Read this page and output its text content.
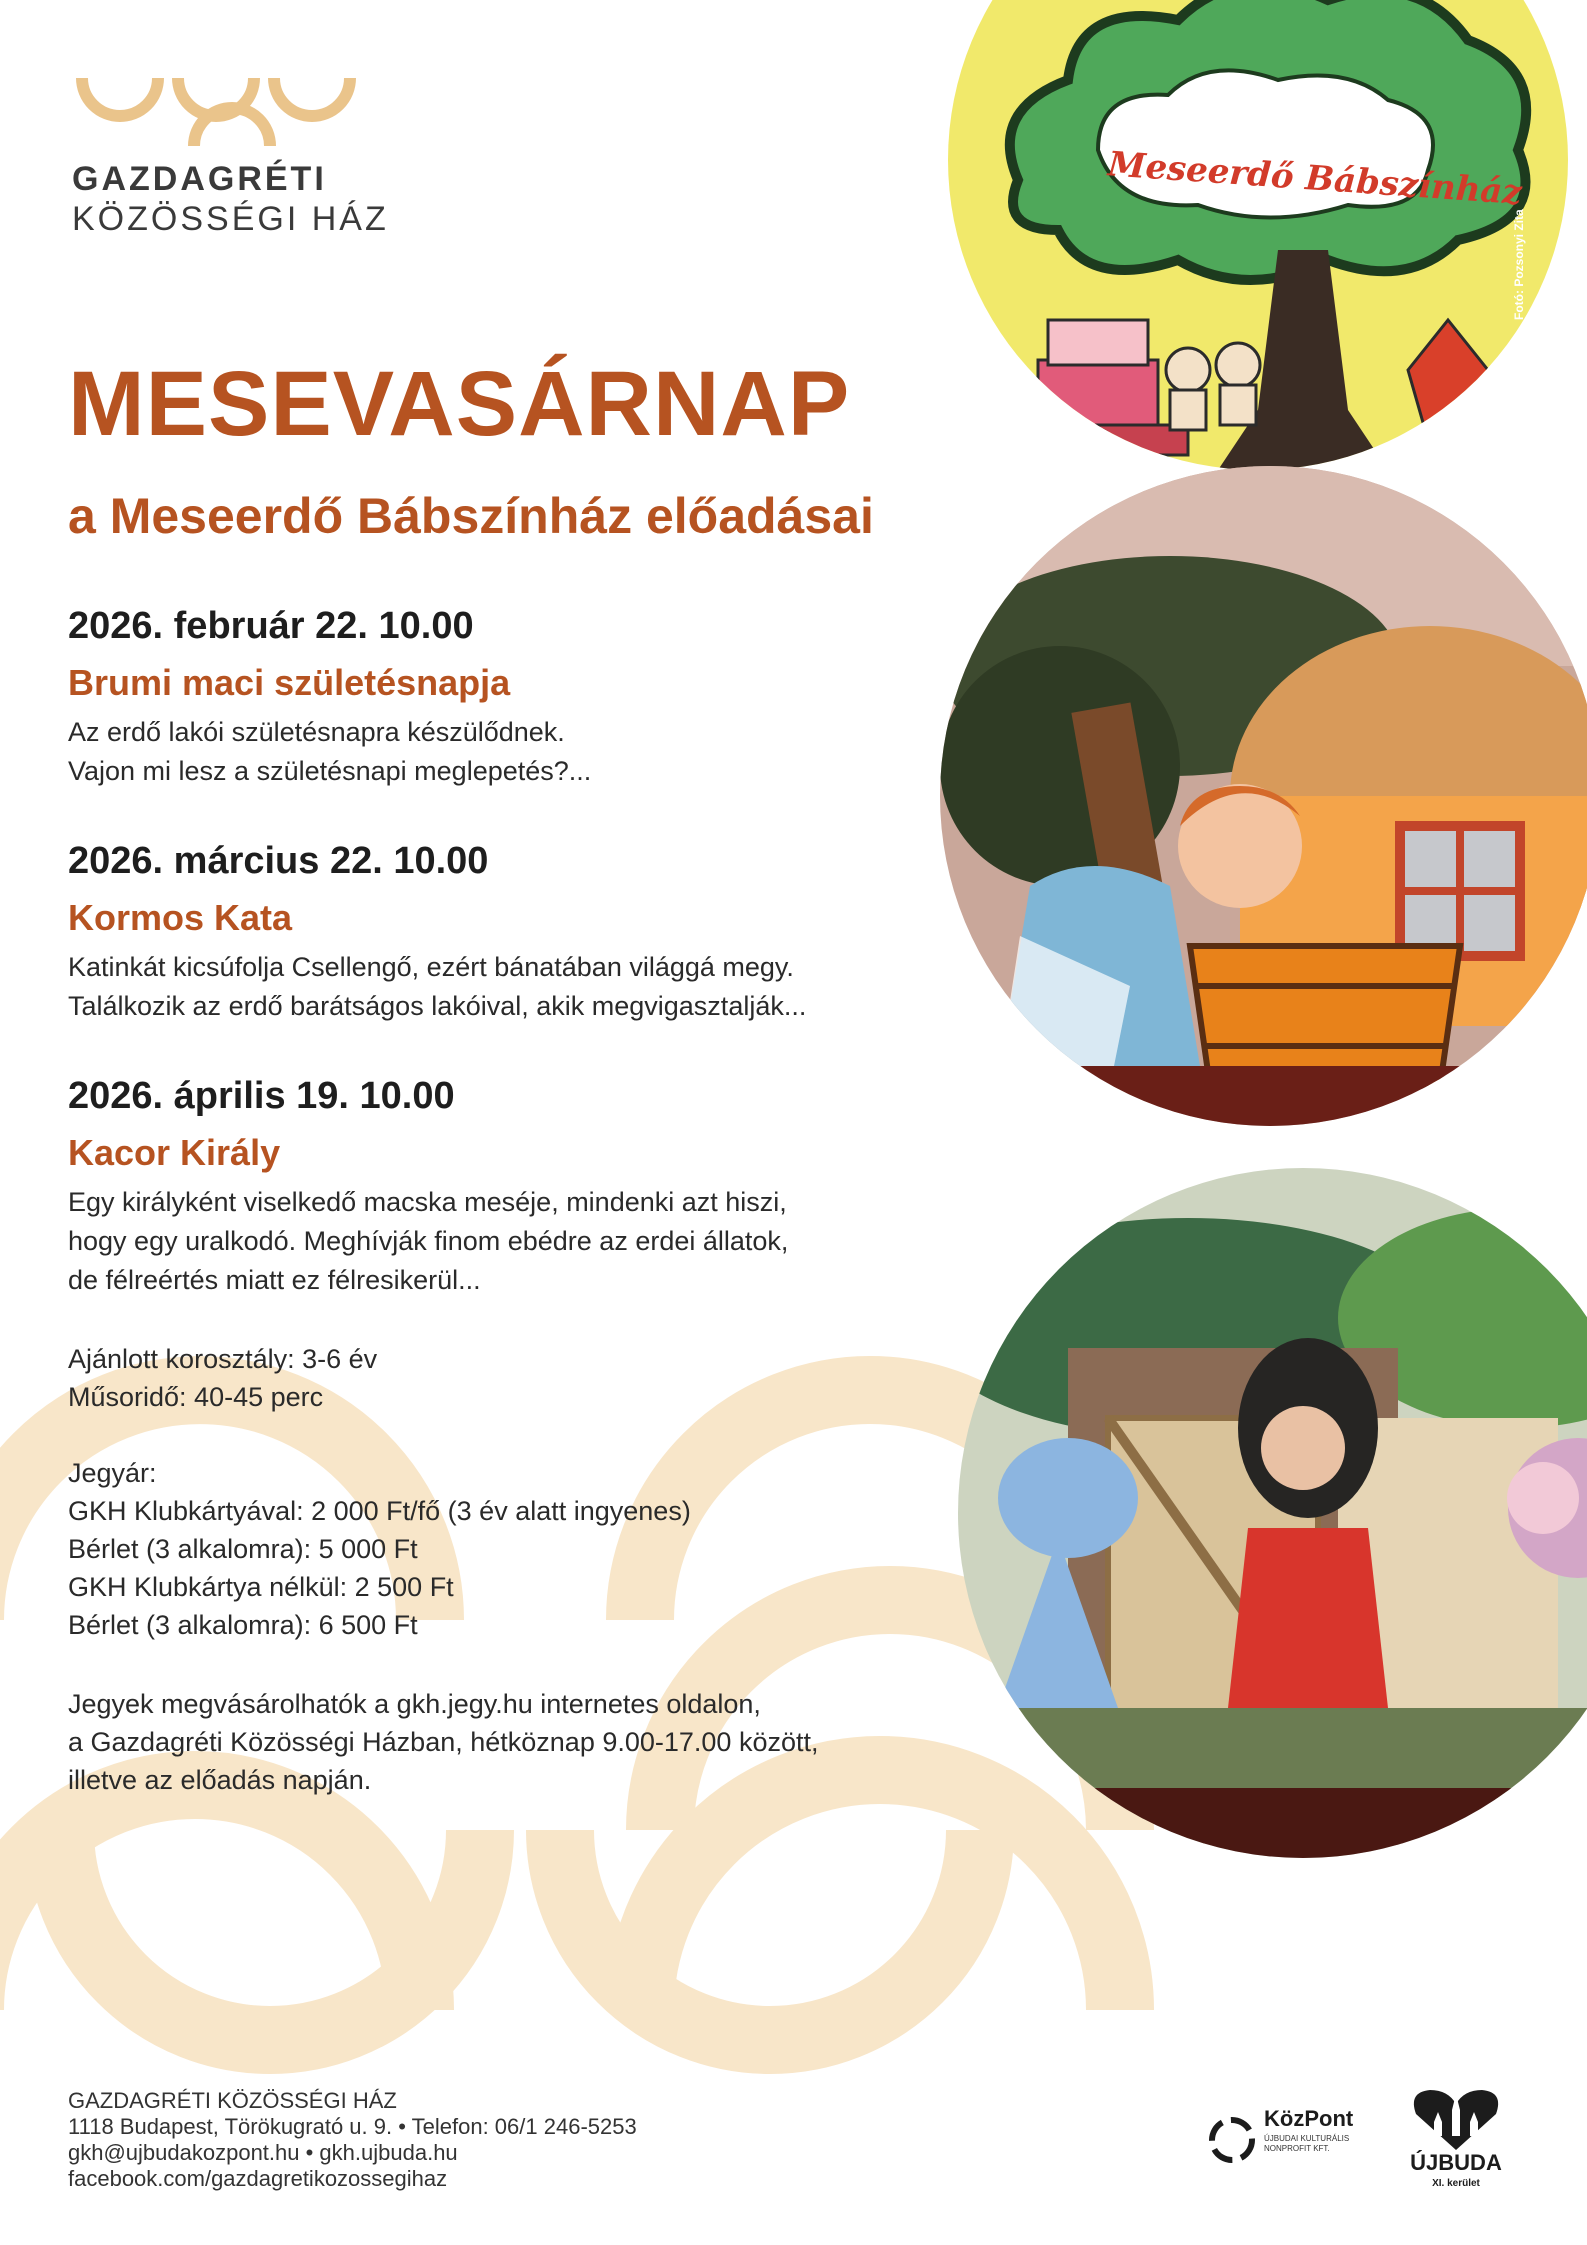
GAZDAGRÉTI
KÖZÖSSÉGI HÁZ
MESEVASÁRNAP
a Meseerdő Bábszínház előadásai
2026. február 22. 10.00
Brumi maci születésnapja
Az erdő lakói születésnapra készülődnek.
Vajon mi lesz a születésnapi meglepetés?...
2026. március 22. 10.00
Kormos Kata
Katinkát kicsúfolja Csellengő, ezért bánatában világgá megy.
Találkozik az erdő barátságos lakóival, akik megvigasztalják...
2026. április 19. 10.00
Kacor Király
Egy királyként viselkedő macska meséje, mindenki azt hiszi,
hogy egy uralkodó. Meghívják finom ebédre az erdei állatok,
de félreértés miatt ez félresikerül...
Ajánlott korosztály: 3-6 év
Műsoridő: 40-45 perc
Jegyár:
GKH Klubkártyával: 2 000 Ft/fő (3 év alatt ingyenes)
Bérlet (3 alkalomra): 5 000 Ft
GKH Klubkártya nélkül: 2 500 Ft
Bérlet (3 alkalomra): 6 500 Ft
Jegyek megvásárolhatók a gkh.jegy.hu internetes oldalon,
a Gazdagréti Közösségi Házban, hétköznap 9.00-17.00 között,
illetve az előadás napján.
Meseerdő Bábszínház
Fotó: Pozsonyi Zita
GAZDAGRÉTI KÖZÖSSÉGI HÁZ
1118 Budapest, Törökugrató u. 9. • Telefon: 06/1 246-5253
gkh@ujbudakozpont.hu • gkh.ujbuda.hu
facebook.com/gazdagretikozossegihaz
KözPont
ÚJBUDAI KULTURÁLIS NONPROFIT KFT.
ÚJBUDA
XI. kerület
